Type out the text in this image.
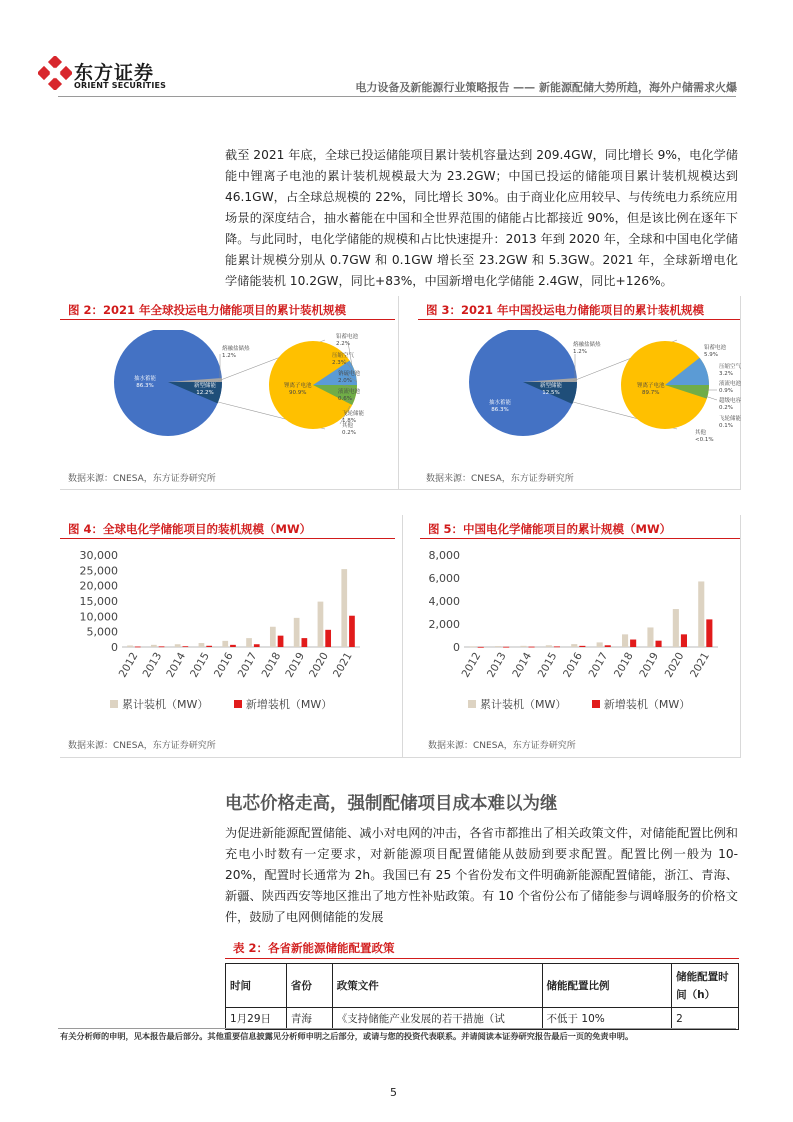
东方证券
ORIENT SECURITIES	电力设备及新能源行业策略报告 —— 新能源配储大势所趋，海外户储需求火爆
截至 2021 年底，全球已投运储能项目累计装机容量达到 209.4GW，同比增长 9%，电化学储能中锂离子电池的累计装机规模最大为 23.2GW；中国已投运的储能项目累计装机规模达到 46.1GW，占全球总规模的 22%，同比增长 30%。由于商业化应用较早、与传统电力系统应用场景的深度结合，抽水蓄能在中国和全世界范围的储能占比都接近 90%，但是该比例在逐年下降。与此同时，电化学储能的规模和占比快速提升：2013 年到 2020 年，全球和中国电化学储能累计规模分别从 0.7GW 和 0.1GW 增长至 23.2GW 和 5.3GW。2021 年，全球新增电化学储能装机 10.2GW，同比+83%，中国新增电化学储能 2.4GW，同比+126%。
图 2：2021 年全球投运电力储能项目的累计装机规模	图 3：2021 年中国投运电力储能项目的累计装机规模
抽水蓄能
86.3%	新型储能
12.2%
熔融盐储热
1.2%
锂离子电池
90.9%
铅蓄电池
2.2%
压缩空气
2.3%
钠硫电池
2.0%
液流电池
0.6%
飞轮储能
1.8%
其他
0.2%
数据来源：CNESA，东方证券研究所
抽水蓄能
86.3%
新型储能
12.5%
熔融盐储热
1.2%
锂离子电池
89.7%
铅蓄电池
5.9%
压缩空气
3.2%
液流电池
0.9%
超级电容
0.2%
飞轮储能
0.1%
其他
<0.1%
数据来源：CNESA，东方证券研究所
图 4：全球电化学储能项目的装机规模（MW）	图 5：中国电化学储能项目的累计规模（MW）
0
5,000
10,000
15,000
20,000
25,000
30,000
2012 2013 2014 2015 2016 2017 2018 2019 2020 2021
0
2,000
4,000
6,000
8,000
2012 2013 2014 2015 2016 2017 2018 2019 2020 2021
累计装机（MW）	新增装机（MW）	累计装机（MW）	新增装机（MW）
数据来源：CNESA，东方证券研究所	数据来源：CNESA，东方证券研究所
电芯价格走高，强制配储项目成本难以为继
为促进新能源配置储能、减小对电网的冲击，各省市都推出了相关政策文件，对储能配置比例和充电小时数有一定要求，对新能源项目配置储能从鼓励到要求配置。配置比例一般为 10-20%，配置时长通常为 2h。我国已有 25 个省份发布文件明确新能源配置储能，浙江、青海、新疆、陕西西安等地区推出了地方性补贴政策。有 10 个省份公布了储能参与调峰服务的价格文件，鼓励了电网侧储能的发展
表 2：各省新能源储能配置政策
时间	省份	政策文件	储能配置比例	储能配置时间（h）
1月29日	青海	《支持储能产业发展的若干措施（试	不低于 10%	2
有关分析师的申明，见本报告最后部分。其他重要信息披露见分析师申明之后部分，或请与您的投资代表联系。并请阅读本证券研究报告最后一页的免责申明。
5
